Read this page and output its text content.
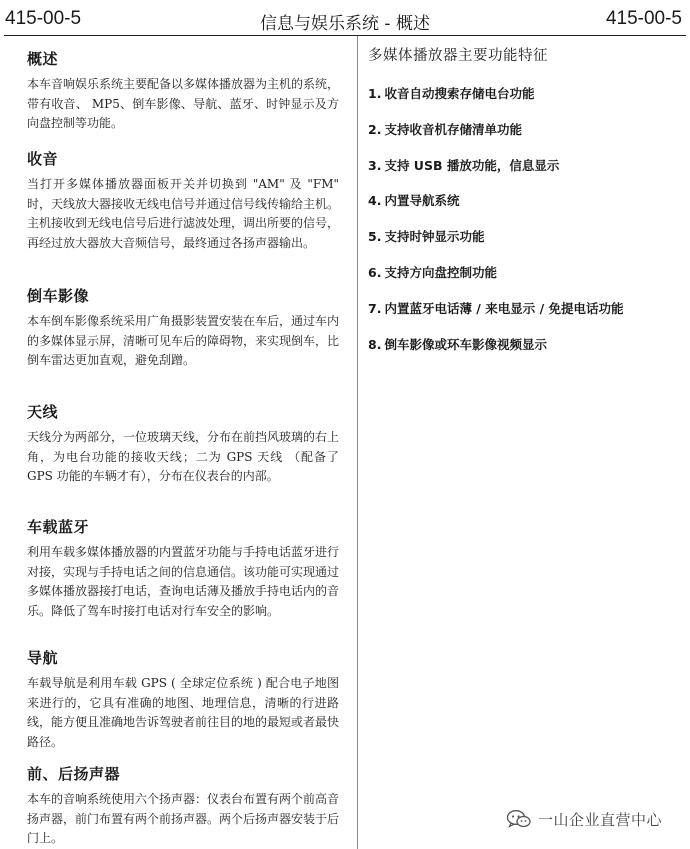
415-00-5	信息与娱乐系统 - 概述	415-00-5
概述

本车音响娱乐系统主要配备以多媒体播放器为主机的系统，带有收音、 MP5、倒车影像、导航、蓝牙、时钟显示及方向盘控制等功能。

收音

当打开多媒体播放器面板开关并切换到 "AM" 及 "FM" 时，天线放大器接收无线电信号并通过信号线传输给主机。主机接收到无线电信号后进行滤波处理，调出所要的信号，再经过放大器放大音频信号，最终通过各扬声器输出。

倒车影像

本车倒车影像系统采用广角摄影装置安装在车后，通过车内的多媒体显示屏，清晰可见车后的障碍物，来实现倒车，比倒车雷达更加直观，避免刮蹭。

天线

天线分为两部分，一位玻璃天线，分布在前挡风玻璃的右上角，为电台功能的接收天线；二为 GPS 天线 （配备了 GPS 功能的车辆才有），分布在仪表台的内部。

车载蓝牙

利用车载多媒体播放器的内置蓝牙功能与手持电话蓝牙进行对接，实现与手持电话之间的信息通信。该功能可实现通过多媒体播放器接打电话，查询电话薄及播放手持电话内的音乐。降低了驾车时接打电话对行车安全的影响。

导航

车载导航是利用车载 GPS ( 全球定位系统 ) 配合电子地图来进行的，它具有准确的地图、地理信息，清晰的行进路线，能方便且准确地告诉驾驶者前往目的地的最短或者最快路径。

前、后扬声器

本车的音响系统使用六个扬声器：仪表台布置有两个前高音扬声器，前门布置有两个前扬声器。两个后扬声器安装于后门上。

多媒体播放器主要功能特征
1. 收音自动搜索存储电台功能
2. 支持收音机存储清单功能
3. 支持 USB 播放功能，信息显示
4. 内置导航系统
5. 支持时钟显示功能
6. 支持方向盘控制功能
7. 内置蓝牙电话薄 / 来电显示 / 免提电话功能
8. 倒车影像或环车影像视频显示
一山企业直营中心
